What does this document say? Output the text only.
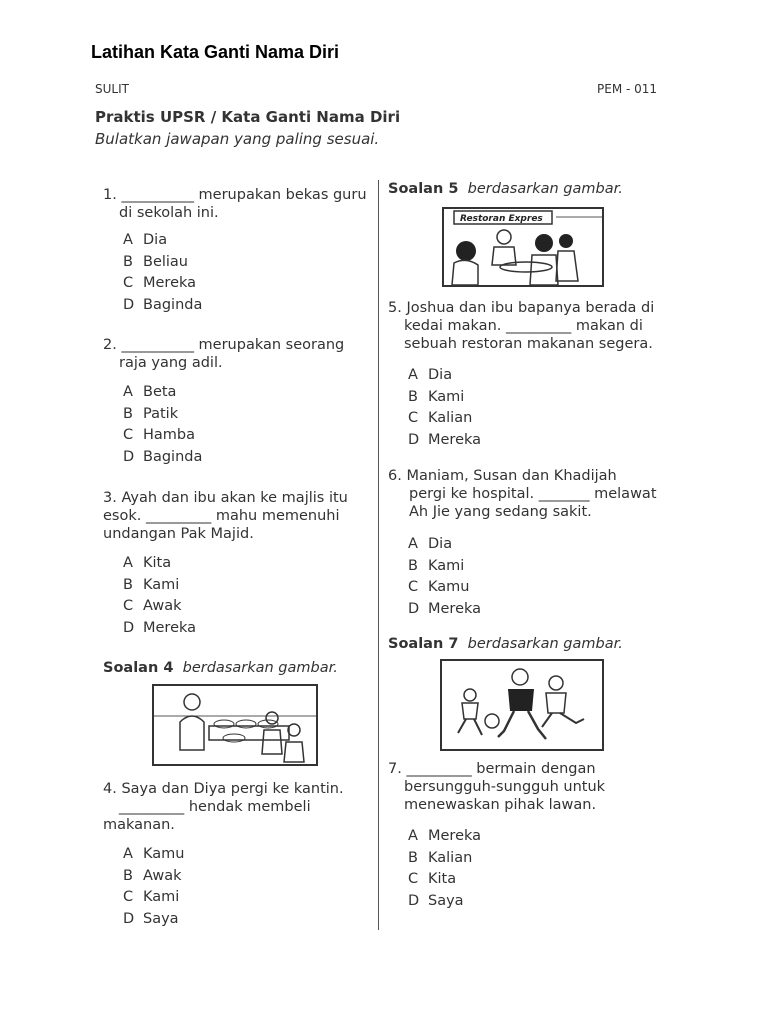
Latihan Kata Ganti Nama Diri
SULIT	PEM - 011
Praktis UPSR / Kata Ganti Nama Diri
Bulatkan jawapan yang paling sesuai.
1. __________ merupakan bekas guru
di sekolah ini.
A Dia
B Beliau
C Mereka
D Baginda
2. __________ merupakan seorang
raja yang adil.
A Beta
B Patik
C Hamba
D Baginda
3. Ayah dan ibu akan ke majlis itu
esok. _________ mahu memenuhi
undangan Pak Majid.
A Kita
B Kami
C Awak
D Mereka
Soalan 4 berdasarkan gambar.
4. Saya dan Diya pergi ke kantin.
_________ hendak membeli
makanan.
A Kamu
B Awak
C Kami
D Saya
Soalan 5 berdasarkan gambar.
Restoran Expres
5. Joshua dan ibu bapanya berada di
kedai makan. _________ makan di
sebuah restoran makanan segera.
A Dia
B Kami
C Kalian
D Mereka
6. Maniam, Susan dan Khadijah
pergi ke hospital. _______ melawat
Ah Jie yang sedang sakit.
A Dia
B Kami
C Kamu
D Mereka
Soalan 7 berdasarkan gambar.
7. _________ bermain dengan
bersungguh-sungguh untuk
menewaskan pihak lawan.
A Mereka
B Kalian
C Kita
D Saya
